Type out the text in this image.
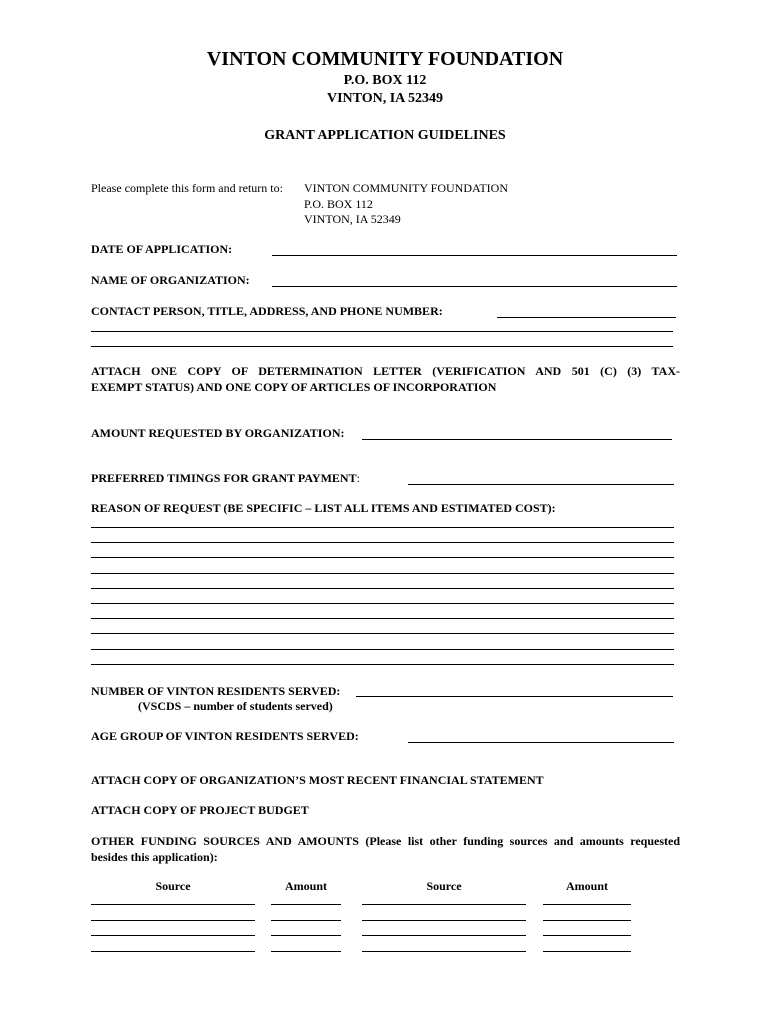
VINTON COMMUNITY FOUNDATION
P.O. BOX 112
VINTON, IA 52349
GRANT APPLICATION GUIDELINES
Please complete this form and return to: VINTON COMMUNITY FOUNDATION
P.O. BOX 112
VINTON, IA 52349
DATE OF APPLICATION:
NAME OF ORGANIZATION:
CONTACT PERSON, TITLE, ADDRESS, AND PHONE NUMBER:
ATTACH ONE COPY OF DETERMINATION LETTER (VERIFICATION AND 501 (C) (3) TAX-
EXEMPT STATUS) AND ONE COPY OF ARTICLES OF INCORPORATION
AMOUNT REQUESTED BY ORGANIZATION:
PREFERRED TIMINGS FOR GRANT PAYMENT:
REASON OF REQUEST (BE SPECIFIC – LIST ALL ITEMS AND ESTIMATED COST):
NUMBER OF VINTON RESIDENTS SERVED:
(VSCDS – number of students served)
AGE GROUP OF VINTON RESIDENTS SERVED:
ATTACH COPY OF ORGANIZATION’S MOST RECENT FINANCIAL STATEMENT
ATTACH COPY OF PROJECT BUDGET
OTHER FUNDING SOURCES AND AMOUNTS (Please list other funding sources and amounts requested
besides this application):
Source	Amount	Source	Amount
